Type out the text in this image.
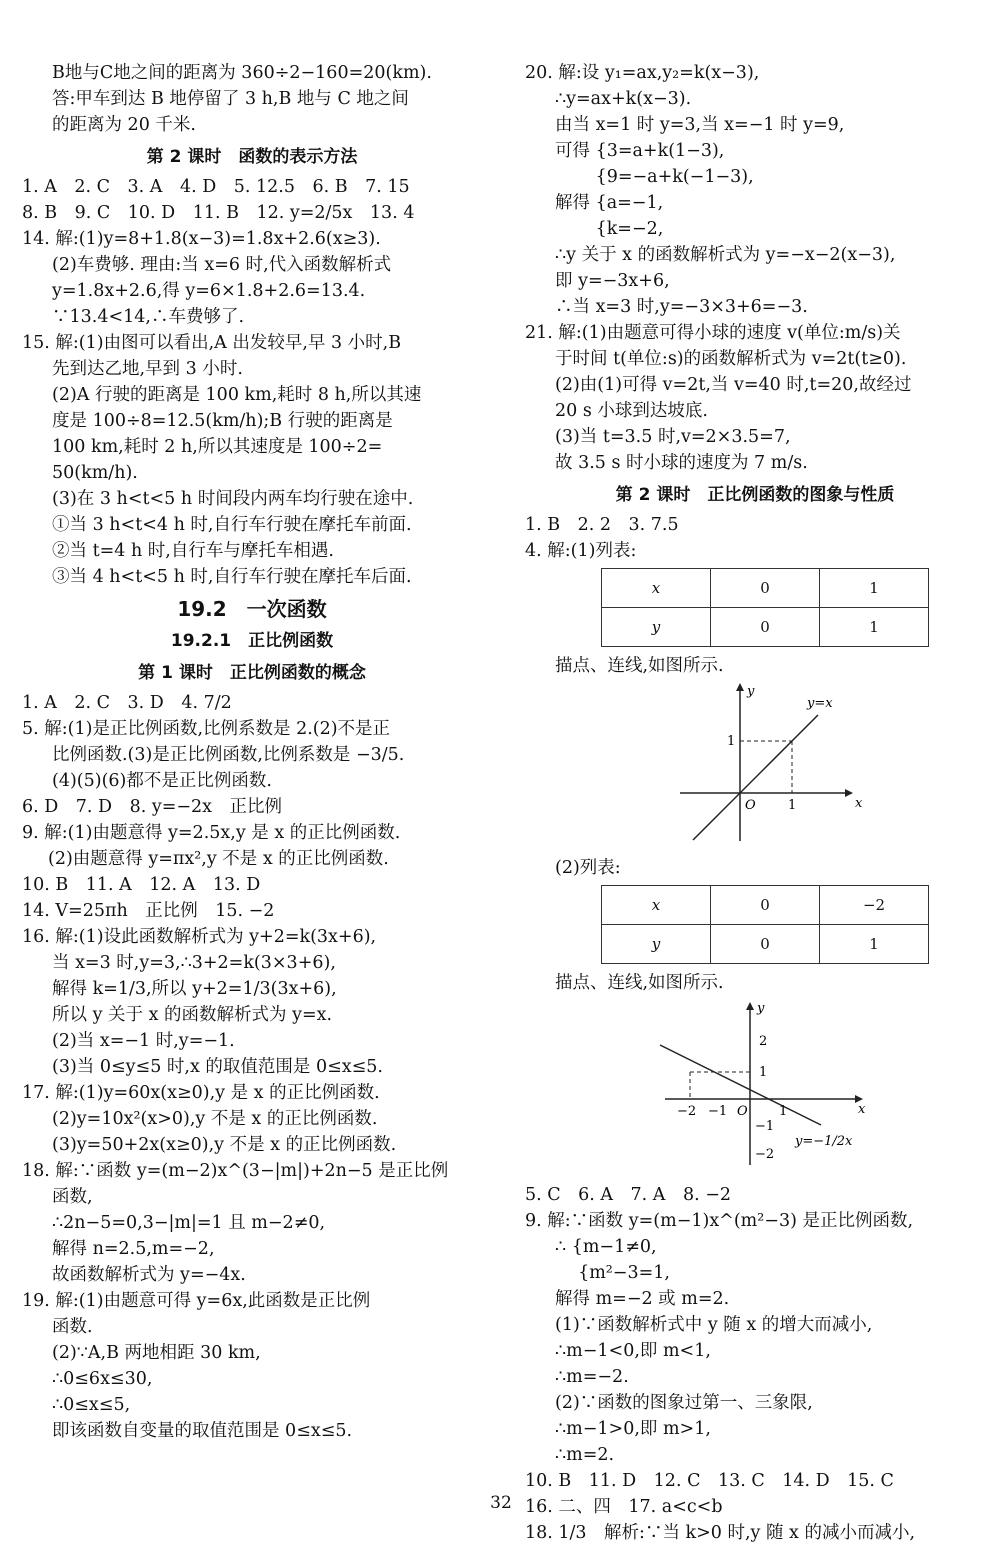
B地与C地之间的距离为 360÷2−160=20(km).
答:甲车到达 B 地停留了 3 h,B 地与 C 地之间
的距离为 20 千米.
第 2 课时　函数的表示方法
1. A　2. C　3. A　4. D　5. 12.5　6. B　7. 15
8. B　9. C　10. D　11. B　12. y=2/5x　13. 4
14. 解:(1)y=8+1.8(x−3)=1.8x+2.6(x≥3).
(2)车费够. 理由:当 x=6 时,代入函数解析式
y=1.8x+2.6,得 y=6×1.8+2.6=13.4.
∵13.4<14,∴车费够了.
15. 解:(1)由图可以看出,A 出发较早,早 3 小时,B
先到达乙地,早到 3 小时.
(2)A 行驶的距离是 100 km,耗时 8 h,所以其速
度是 100÷8=12.5(km/h);B 行驶的距离是
100 km,耗时 2 h,所以其速度是 100÷2=
50(km/h).
(3)在 3 h<t<5 h 时间段内两车均行驶在途中.
①当 3 h<t<4 h 时,自行车行驶在摩托车前面.
②当 t=4 h 时,自行车与摩托车相遇.
③当 4 h<t<5 h 时,自行车行驶在摩托车后面.
19.2　一次函数
19.2.1　正比例函数
第 1 课时　正比例函数的概念
1. A　2. C　3. D　4. 7/2
5. 解:(1)是正比例函数,比例系数是 2.(2)不是正
比例函数.(3)是正比例函数,比例系数是 −3/5.
(4)(5)(6)都不是正比例函数.
6. D　7. D　8. y=−2x　正比例
9. 解:(1)由题意得 y=2.5x,y 是 x 的正比例函数.
(2)由题意得 y=πx²,y 不是 x 的正比例函数.
10. B　11. A　12. A　13. D
14. V=25πh　正比例　15. −2
16. 解:(1)设此函数解析式为 y+2=k(3x+6),
当 x=3 时,y=3,∴3+2=k(3×3+6),
解得 k=1/3,所以 y+2=1/3(3x+6),
所以 y 关于 x 的函数解析式为 y=x.
(2)当 x=−1 时,y=−1.
(3)当 0≤y≤5 时,x 的取值范围是 0≤x≤5.
17. 解:(1)y=60x(x≥0),y 是 x 的正比例函数.
(2)y=10x²(x>0),y 不是 x 的正比例函数.
(3)y=50+2x(x≥0),y 不是 x 的正比例函数.
18. 解:∵函数 y=(m−2)x^(3−|m|)+2n−5 是正比例
函数,
∴2n−5=0,3−|m|=1 且 m−2≠0,
解得 n=2.5,m=−2,
故函数解析式为 y=−4x.
19. 解:(1)由题意可得 y=6x,此函数是正比例
函数.
(2)∵A,B 两地相距 30 km,
∴0≤6x≤30,
∴0≤x≤5,
即该函数自变量的取值范围是 0≤x≤5.
20. 解:设 y₁=ax,y₂=k(x−3),
∴y=ax+k(x−3).
由当 x=1 时 y=3,当 x=−1 时 y=9,
可得 {3=a+k(1−3),
　　 {9=−a+k(−1−3),
解得 {a=−1,
　　 {k=−2,
∴y 关于 x 的函数解析式为 y=−x−2(x−3),
即 y=−3x+6,
∴当 x=3 时,y=−3×3+6=−3.
21. 解:(1)由题意可得小球的速度 v(单位:m/s)关
于时间 t(单位:s)的函数解析式为 v=2t(t≥0).
(2)由(1)可得 v=2t,当 v=40 时,t=20,故经过
20 s 小球到达坡底.
(3)当 t=3.5 时,v=2×3.5=7,
故 3.5 s 时小球的速度为 7 m/s.
第 2 课时　正比例函数的图象与性质
1. B　2. 2　3. 7.5
4. 解:(1)列表:
x	0	1
y	0	1
描点、连线,如图所示.
y=x
O	x
y
1
1
(2)列表:
x	0	−2
y	0	1
描点、连线,如图所示.
y
x
O
−2 −1	1
2
1
−1
−2
y=−1/2x
5. C　6. A　7. A　8. −2
9. 解:∵函数 y=(m−1)x^(m²−3) 是正比例函数,
∴ {m−1≠0,
　 {m²−3=1,
解得 m=−2 或 m=2.
(1)∵函数解析式中 y 随 x 的增大而减小,
∴m−1<0,即 m<1,
∴m=−2.
(2)∵函数的图象过第一、三象限,
∴m−1>0,即 m>1,
∴m=2.
10. B　11. D　12. C　13. C　14. D　15. C
16. 二、四　17. a<c<b
18. 1/3　解析:∵当 k>0 时,y 随 x 的减小而减小,
32
